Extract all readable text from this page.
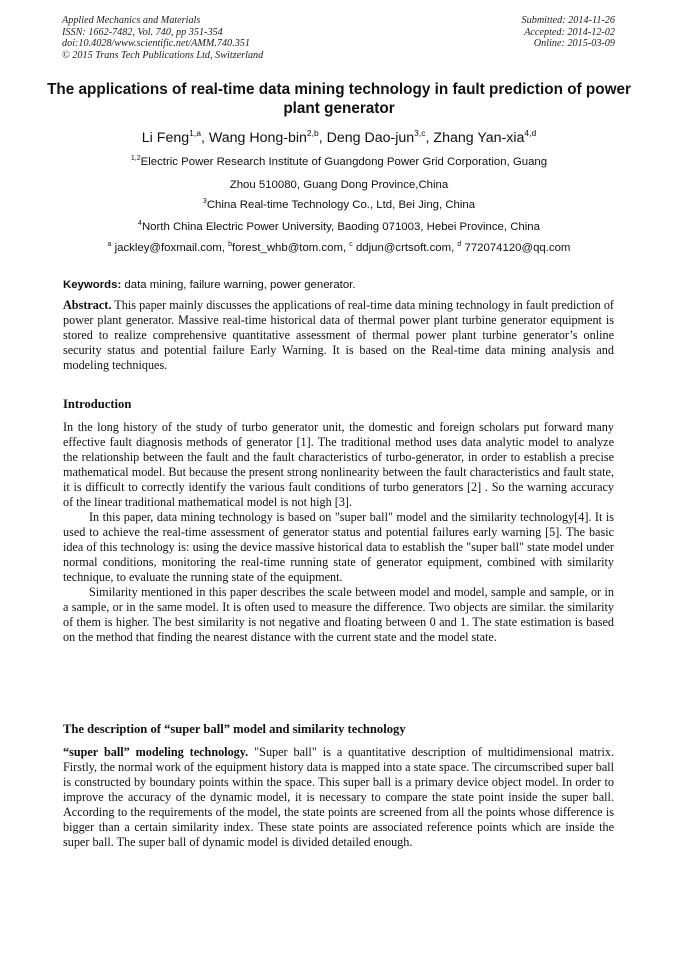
Applied Mechanics and Materials
ISSN: 1662-7482, Vol. 740, pp 351-354
doi:10.4028/www.scientific.net/AMM.740.351
© 2015 Trans Tech Publications Ltd, Switzerland
Submitted: 2014-11-26
Accepted: 2014-12-02
Online: 2015-03-09
The applications of real-time data mining technology in fault prediction of power plant generator
Li Feng$^{1,a}$, Wang Hong-bin$^{2,b}$, Deng Dao-jun$^{3,c}$, Zhang Yan-xia$^{4,d}$
$^{1,2}$Electric Power Research Institute of Guangdong Power Grid Corporation, Guang
Zhou 510080, Guang Dong Province,China
$^3$China Real-time Technology Co., Ltd, Bei Jing, China
$^4$North China Electric Power University, Baoding 071003, Hebei Province, China
$^a$ jackley@foxmail.com, $^b$forest_whb@tom.com, $^c$ ddjun@crtsoft.com, $^d$ 772074120@qq.com
Keywords: data mining, failure warning, power generator.

Abstract. This paper mainly discusses the applications of real-time data mining technology in fault prediction of power plant generator. Massive real-time historical data of thermal power plant turbine generator equipment is stored to realize comprehensive quantitative assessment of thermal power plant turbine generator’s online security status and potential failure Early Warning. It is based on the Real-time data mining analysis and modeling techniques.

Introduction

In the long history of the study of turbo generator unit, the domestic and foreign scholars put forward many effective fault diagnosis methods of generator [1]. The traditional method uses data analytic model to analyze the relationship between the fault and the fault characteristics of turbo-generator, in order to establish a precise mathematical model. But because the present strong nonlinearity between the fault characteristics and fault state, it is difficult to correctly identify the various fault conditions of turbo generators [2] . So the warning accuracy of the linear traditional mathematical model is not high [3].

In this paper, data mining technology is based on "super ball" model and the similarity technology[4]. It is used to achieve the real-time assessment of generator status and potential failures early warning [5]. The basic idea of this technology is: using the device massive historical data to establish the "super ball" state model under normal conditions, monitoring the real-time running state of generator equipment, combined with similarity technique, to evaluate the running state of the equipment.

Similarity mentioned in this paper describes the scale between model and model, sample and sample, or in a sample, or in the same model. It is often used to measure the difference. Two objects are similar. the similarity of them is higher. The best similarity is not negative and floating between 0 and 1. The state estimation is based on the method that finding the nearest distance with the current state and the model state.

The description of “super ball” model and similarity technology

“super ball” modeling technology. "Super ball" is a quantitative description of multidimensional matrix. Firstly, the normal work of the equipment history data is mapped into a state space. The circumscribed super ball is constructed by boundary points within the space. This super ball is a primary device object model. In order to improve the accuracy of the dynamic model, it is necessary to compare the state point inside the super ball. According to the requirements of the model, the state points are screened from all the points whose difference is bigger than a certain similarity index. These state points are associated reference points which are inside the super ball. The super ball of dynamic model is divided detailed enough.
